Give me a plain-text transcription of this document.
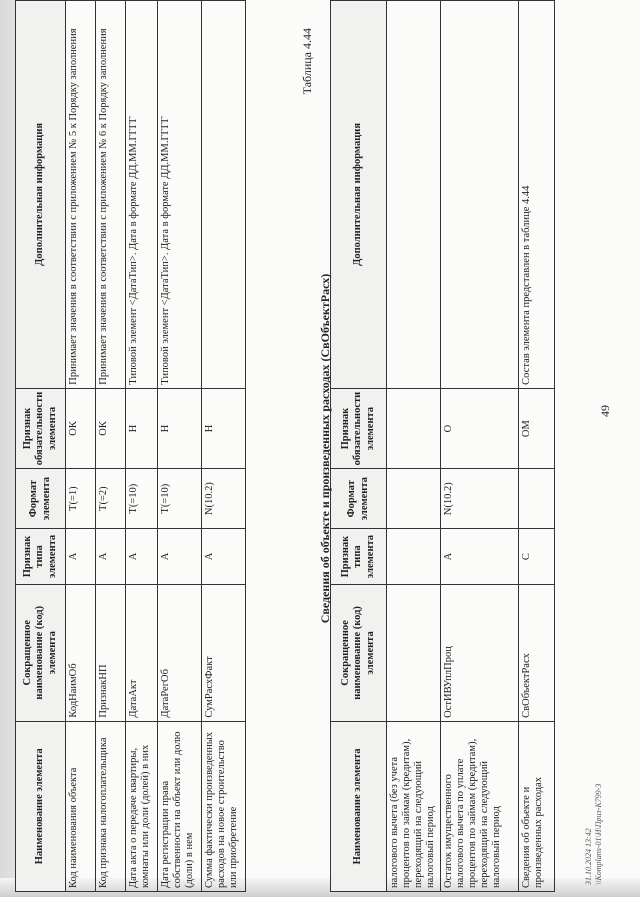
49
Наименование элемента	Сокращенное наименование (код) элемента	Признак типа элемента	Формат элемента	Признак обязательности элемента	Дополнительная информация
налогового вычета (без учета процентов по займам (кредитам), переходящий на следующий налоговый период					
Остаток имущественного налогового вычета по уплате процентов по займам (кредитам), переходящий на следующий налоговый период	ОстИВУплПроц	А	N(10.2)	О	
Сведения об объекте и произведенных расходах	СвОбъектРасх	С		ОМ	Состав элемента представлен в таблице 4.44
Таблица 4.44
Сведения об объекте и произведенных расходах (СвОбъектРасх)
Наименование элемента	Сокращенное наименование (код) элемента	Признак типа элемента	Формат элемента	Признак обязательности элемента	Дополнительная информация
Код наименования объекта	КодНаимОб	А	T(=1)	ОК	Принимает значения в соответствии с приложением № 5 к Порядку заполнения
Код признака налогоплательщика	ПризнакНП	А	T(=2)	ОК	Принимает значения в соответствии с приложением № 6 к Порядку заполнения
Дата акта о передаче квартиры, комнаты или доли (долей) в них	ДатаАкт	А	T(=10)	Н	Типовой элемент <ДатаТип>. Дата в формате ДД.ММ.ГГГГ
Дата регистрации права собственности на объект или долю (доли) в нем	ДатаРегОб	А	T(=10)	Н	Типовой элемент <ДатаТип>. Дата в формате ДД.ММ.ГГГГ
Сумма фактически произведенных расходов на новое строительство или приобретение	СумРасхФакт	А	N(10.2)	Н	
31.10.2024 13:42 \\Komplans-01\И\Приз-К799-3
